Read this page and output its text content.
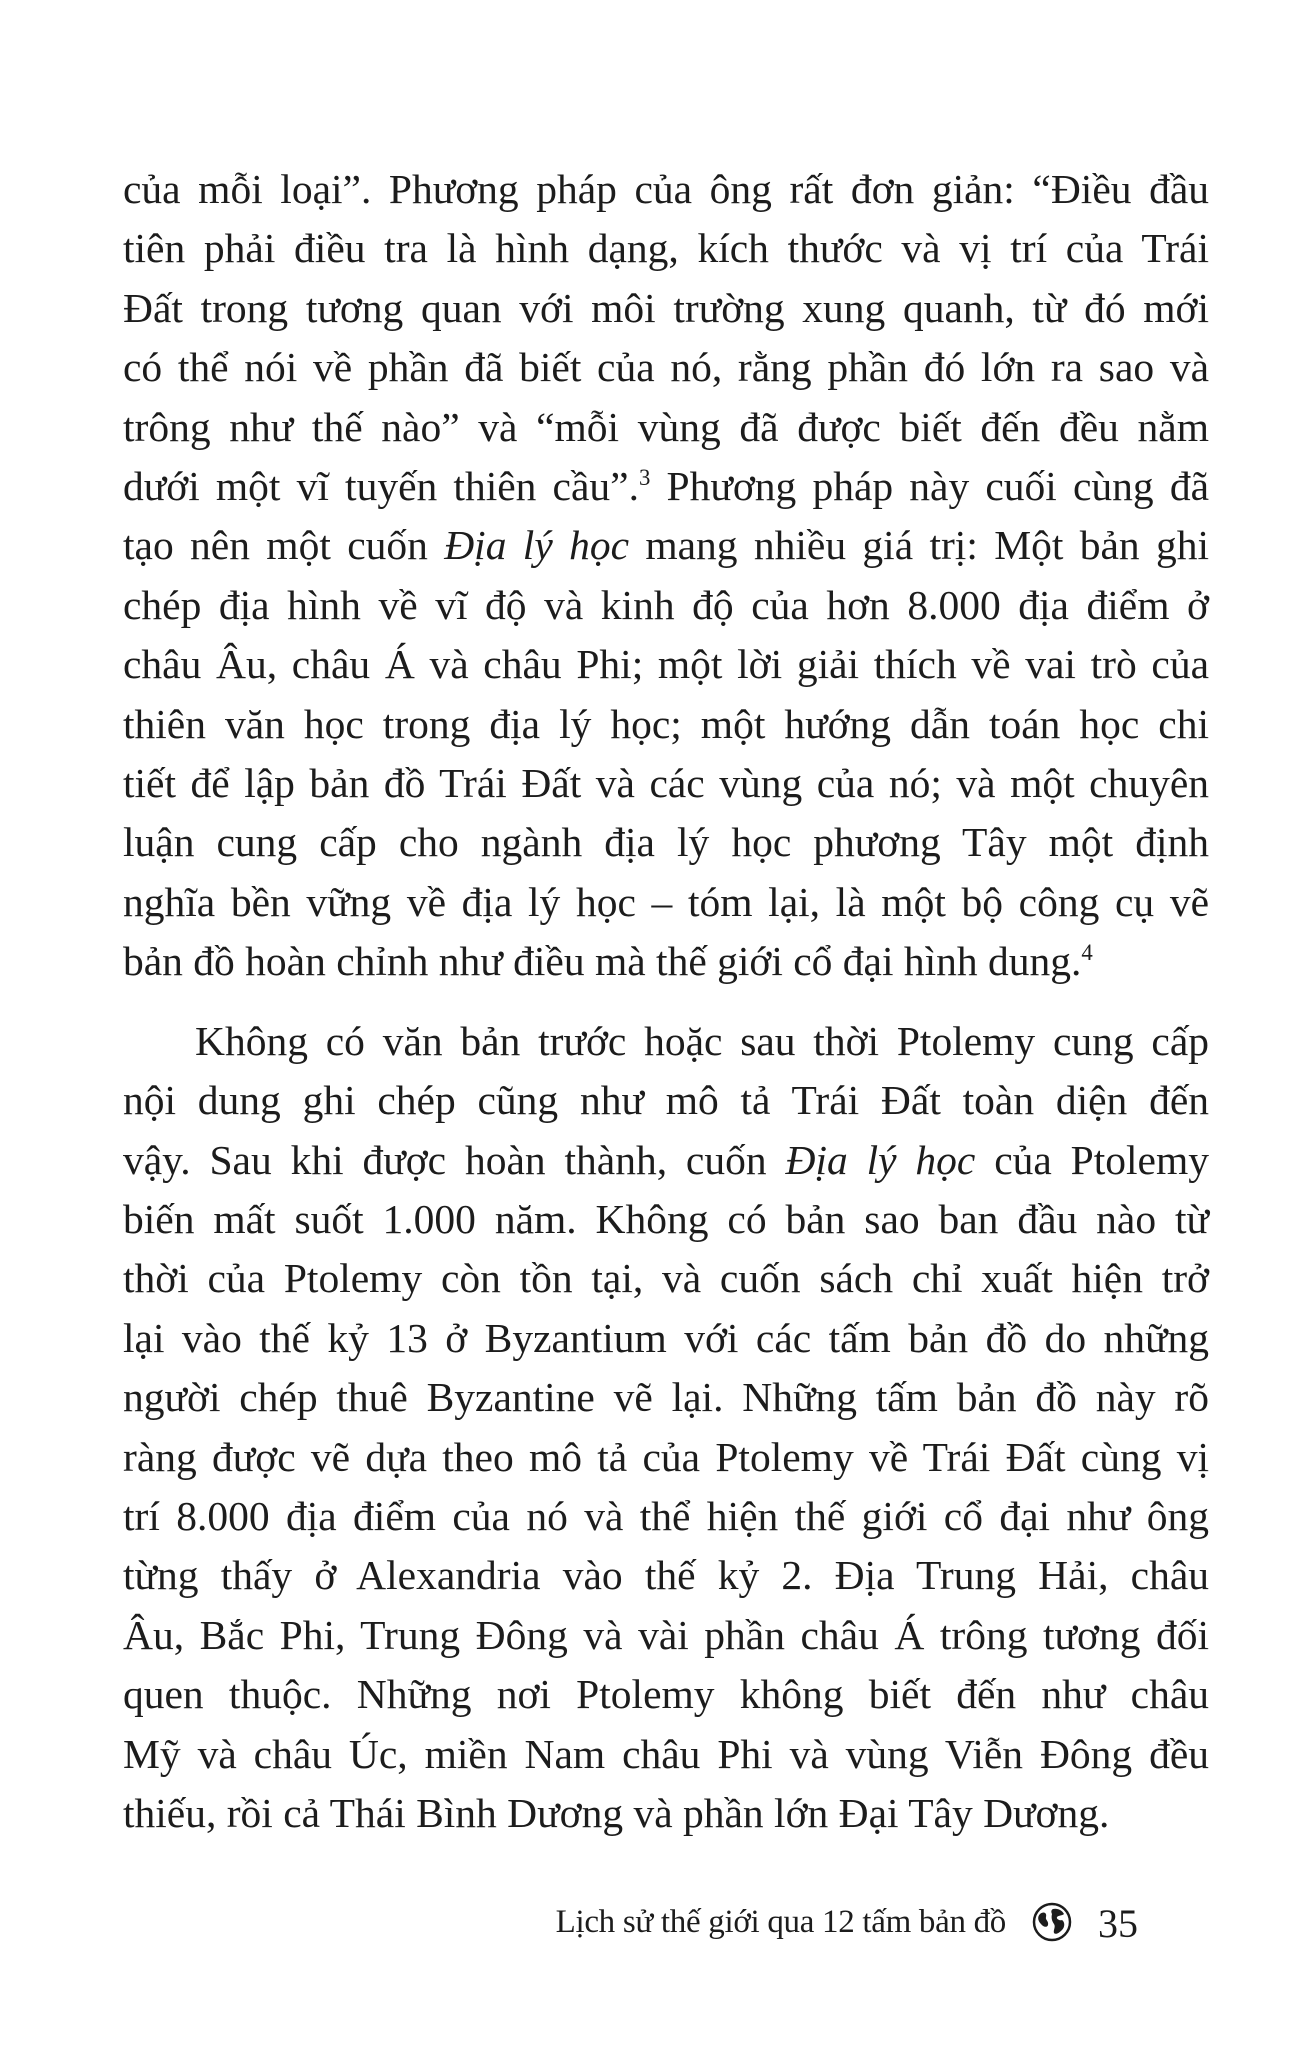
của mỗi loại”. Phương pháp của ông rất đơn giản: “Điều đầu
tiên phải điều tra là hình dạng, kích thước và vị trí của Trái
Đất trong tương quan với môi trường xung quanh, từ đó mới
có thể nói về phần đã biết của nó, rằng phần đó lớn ra sao và
trông như thế nào” và “mỗi vùng đã được biết đến đều nằm
dưới một vĩ tuyến thiên cầu”.$^3$ Phương pháp này cuối cùng đã
tạo nên một cuốn Địa lý học mang nhiều giá trị: Một bản ghi
chép địa hình về vĩ độ và kinh độ của hơn 8.000 địa điểm ở
châu Âu, châu Á và châu Phi; một lời giải thích về vai trò của
thiên văn học trong địa lý học; một hướng dẫn toán học chi
tiết để lập bản đồ Trái Đất và các vùng của nó; và một chuyên
luận cung cấp cho ngành địa lý học phương Tây một định
nghĩa bền vững về địa lý học – tóm lại, là một bộ công cụ vẽ
bản đồ hoàn chỉnh như điều mà thế giới cổ đại hình dung.$^4$

Không có văn bản trước hoặc sau thời Ptolemy cung cấp
nội dung ghi chép cũng như mô tả Trái Đất toàn diện đến
vậy. Sau khi được hoàn thành, cuốn Địa lý học của Ptolemy
biến mất suốt 1.000 năm. Không có bản sao ban đầu nào từ
thời của Ptolemy còn tồn tại, và cuốn sách chỉ xuất hiện trở
lại vào thế kỷ 13 ở Byzantium với các tấm bản đồ do những
người chép thuê Byzantine vẽ lại. Những tấm bản đồ này rõ
ràng được vẽ dựa theo mô tả của Ptolemy về Trái Đất cùng vị
trí 8.000 địa điểm của nó và thể hiện thế giới cổ đại như ông
từng thấy ở Alexandria vào thế kỷ 2. Địa Trung Hải, châu
Âu, Bắc Phi, Trung Đông và vài phần châu Á trông tương đối
quen thuộc. Những nơi Ptolemy không biết đến như châu
Mỹ và châu Úc, miền Nam châu Phi và vùng Viễn Đông đều
thiếu, rồi cả Thái Bình Dương và phần lớn Đại Tây Dương.

Lịch sử thế giới qua 12 tấm bản đồ 35
